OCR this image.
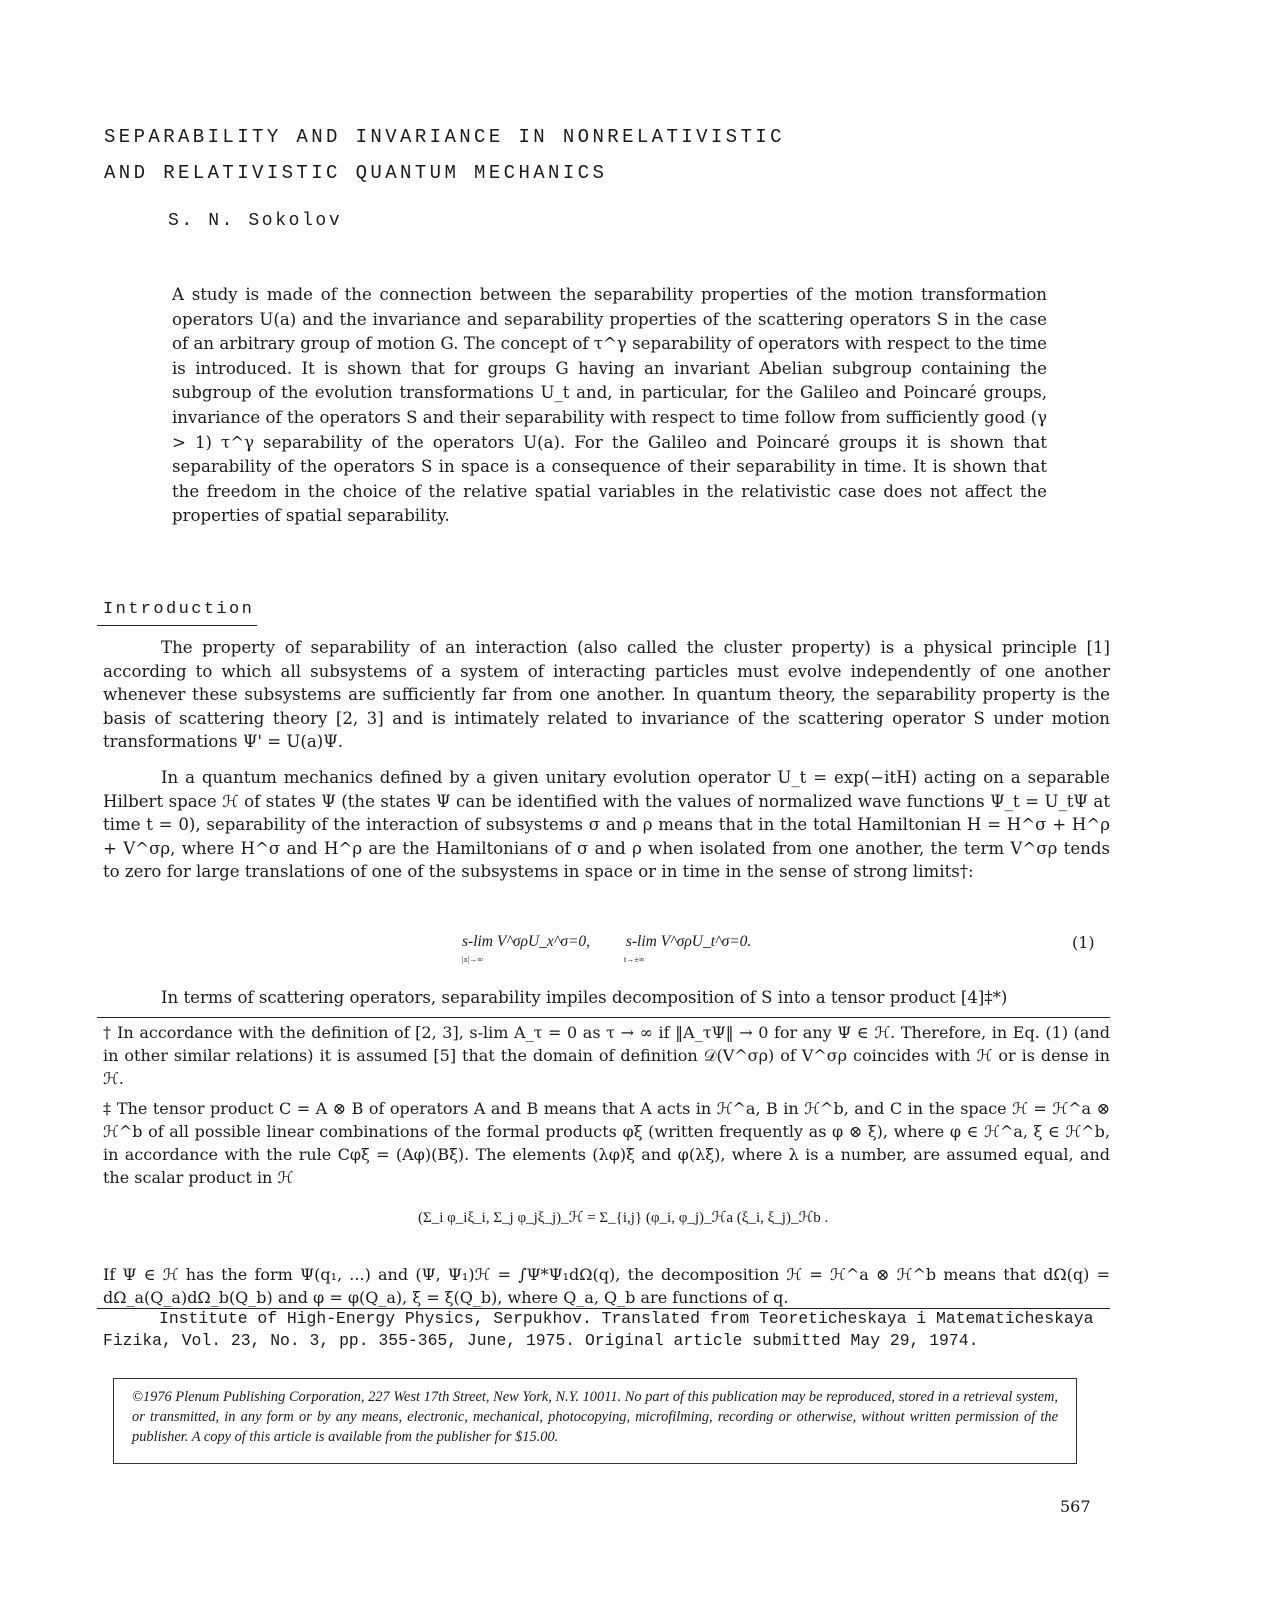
SEPARABILITY AND INVARIANCE IN NONRELATIVISTIC
AND RELATIVISTIC QUANTUM MECHANICS
S. N. Sokolov
A study is made of the connection between the separability properties of the motion transformation operators U(a) and the invariance and separability properties of the scattering operators S in the case of an arbitrary group of motion G. The concept of τ^γ separability of operators with respect to the time is introduced. It is shown that for groups G having an invariant Abelian subgroup containing the subgroup of the evolution transformations U_t and, in particular, for the Galileo and Poincaré groups, invariance of the operators S and their separability with respect to time follow from sufficiently good (γ > 1) τ^γ separability of the operators U(a). For the Galileo and Poincaré groups it is shown that separability of the operators S in space is a consequence of their separability in time. It is shown that the freedom in the choice of the relative spatial variables in the relativistic case does not affect the properties of spatial separability.
Introduction
The property of separability of an interaction (also called the cluster property) is a physical principle [1] according to which all subsystems of a system of interacting particles must evolve independently of one another whenever these subsystems are sufficiently far from one another. In quantum theory, the separability property is the basis of scattering theory [2, 3] and is intimately related to invariance of the scattering operator S under motion transformations Ψ' = U(a)Ψ.
In a quantum mechanics defined by a given unitary evolution operator U_t = exp(−itH) acting on a separable Hilbert space ℋ of states Ψ (the states Ψ can be identified with the values of normalized wave functions Ψ_t = U_tΨ at time t = 0), separability of the interaction of subsystems σ and ρ means that in the total Hamiltonian H = H^σ + H^ρ + V^σρ, where H^σ and H^ρ are the Hamiltonians of σ and ρ when isolated from one another, the term V^σρ tends to zero for large translations of one of the subsystems in space or in time in the sense of strong limits†:
s-lim V^σρU_x^σ=0,
|x|→∞
s-lim V^σρU_t^σ=0.
t→±∞
(1)
In terms of scattering operators, separability impiles decomposition of S into a tensor product [4]‡*)
† In accordance with the definition of [2, 3], s-lim A_τ = 0 as τ → ∞ if ‖A_τΨ‖ → 0 for any Ψ ∈ ℋ. Therefore, in Eq. (1) (and in other similar relations) it is assumed [5] that the domain of definition 𝒟(V^σρ) of V^σρ coincides with ℋ or is dense in ℋ.
‡ The tensor product C = A ⊗ B of operators A and B means that A acts in ℋ^a, B in ℋ^b, and C in the space ℋ = ℋ^a ⊗ ℋ^b of all possible linear combinations of the formal products φξ (written frequently as φ ⊗ ξ), where φ ∈ ℋ^a, ξ ∈ ℋ^b, in accordance with the rule Cφξ = (Aφ)(Bξ). The elements (λφ)ξ and φ(λξ), where λ is a number, are assumed equal, and the scalar product in ℋ
(Σ_i φ_iξ_i, Σ_j φ_jξ_j)_ℋ = Σ_{i,j} (φ_i, φ_j)_ℋa (ξ_i, ξ_j)_ℋb .
If Ψ ∈ ℋ has the form Ψ(q₁, ...) and (Ψ, Ψ₁)ℋ = ∫Ψ*Ψ₁dΩ(q), the decomposition ℋ = ℋ^a ⊗ ℋ^b means that dΩ(q) = dΩ_a(Q_a)dΩ_b(Q_b) and φ = φ(Q_a), ξ = ξ(Q_b), where Q_a, Q_b are functions of q.
Institute of High-Energy Physics, Serpukhov. Translated from Teoreticheskaya i Matematicheskaya
Fizika, Vol. 23, No. 3, pp. 355-365, June, 1975. Original article submitted May 29, 1974.

©1976 Plenum Publishing Corporation, 227 West 17th Street, New York, N.Y. 10011. No part of this publication may be reproduced, stored in a retrieval system, or transmitted, in any form or by any means, electronic, mechanical, photocopying, microfilming, recording or otherwise, without written permission of the publisher. A copy of this article is available from the publisher for $15.00.

567
